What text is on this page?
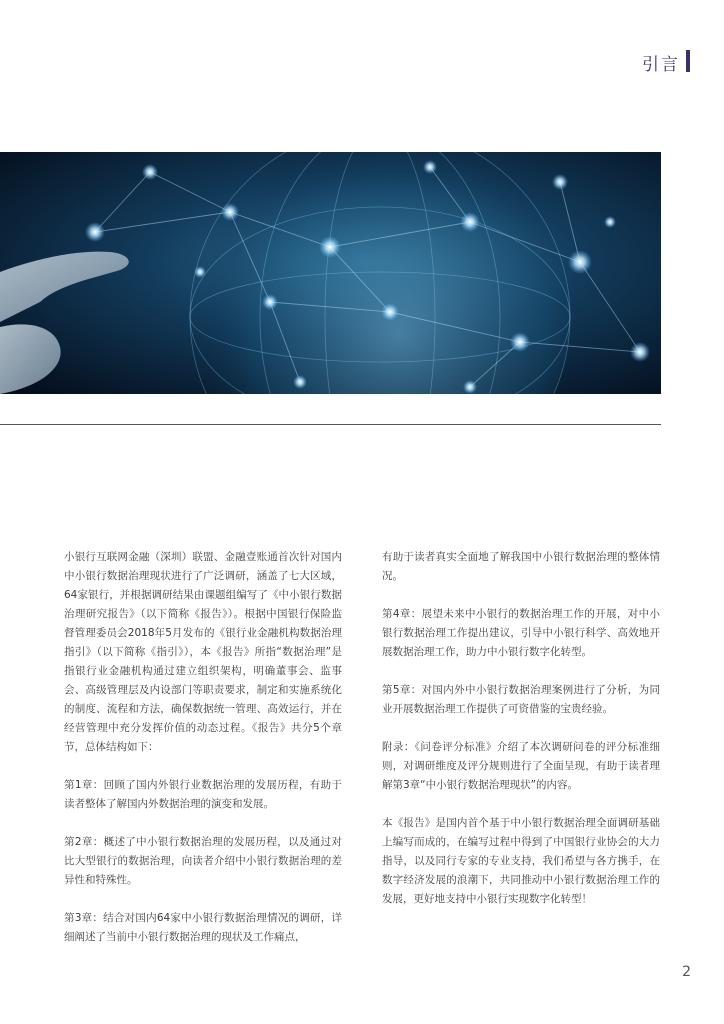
引言

小银行互联网金融（深圳）联盟、金融壹账通首次针对国内中小银行数据治理现状进行了广泛调研，涵盖了七大区域，64家银行，并根据调研结果由课题组编写了《中小银行数据治理研究报告》（以下简称《报告》）。根据中国银行保险监督管理委员会2018年5月发布的《银行业金融机构数据治理指引》（以下简称《指引》），本《报告》所指“数据治理”是指银行业金融机构通过建立组织架构，明确董事会、监事会、高级管理层及内设部门等职责要求，制定和实施系统化的制度、流程和方法，确保数据统一管理、高效运行，并在经营管理中充分发挥价值的动态过程。《报告》共分5个章节，总体结构如下：

第1章：回顾了国内外银行业数据治理的发展历程，有助于读者整体了解国内外数据治理的演变和发展。

第2章：概述了中小银行数据治理的发展历程，以及通过对比大型银行的数据治理，向读者介绍中小银行数据治理的差异性和特殊性。

第3章：结合对国内64家中小银行数据治理情况的调研，详细阐述了当前中小银行数据治理的现状及工作痛点，

有助于读者真实全面地了解我国中小银行数据治理的整体情况。

第4章：展望未来中小银行的数据治理工作的开展，对中小银行数据治理工作提出建议，引导中小银行科学、高效地开展数据治理工作，助力中小银行数字化转型。

第5章：对国内外中小银行数据治理案例进行了分析，为同业开展数据治理工作提供了可资借鉴的宝贵经验。

附录：《问卷评分标准》介绍了本次调研问卷的评分标准细则，对调研维度及评分规则进行了全面呈现，有助于读者理解第3章“中小银行数据治理现状”的内容。

本《报告》是国内首个基于中小银行数据治理全面调研基础上编写而成的，在编写过程中得到了中国银行业协会的大力指导，以及同行专家的专业支持，我们希望与各方携手，在数字经济发展的浪潮下，共同推动中小银行数据治理工作的发展，更好地支持中小银行实现数字化转型！

2
